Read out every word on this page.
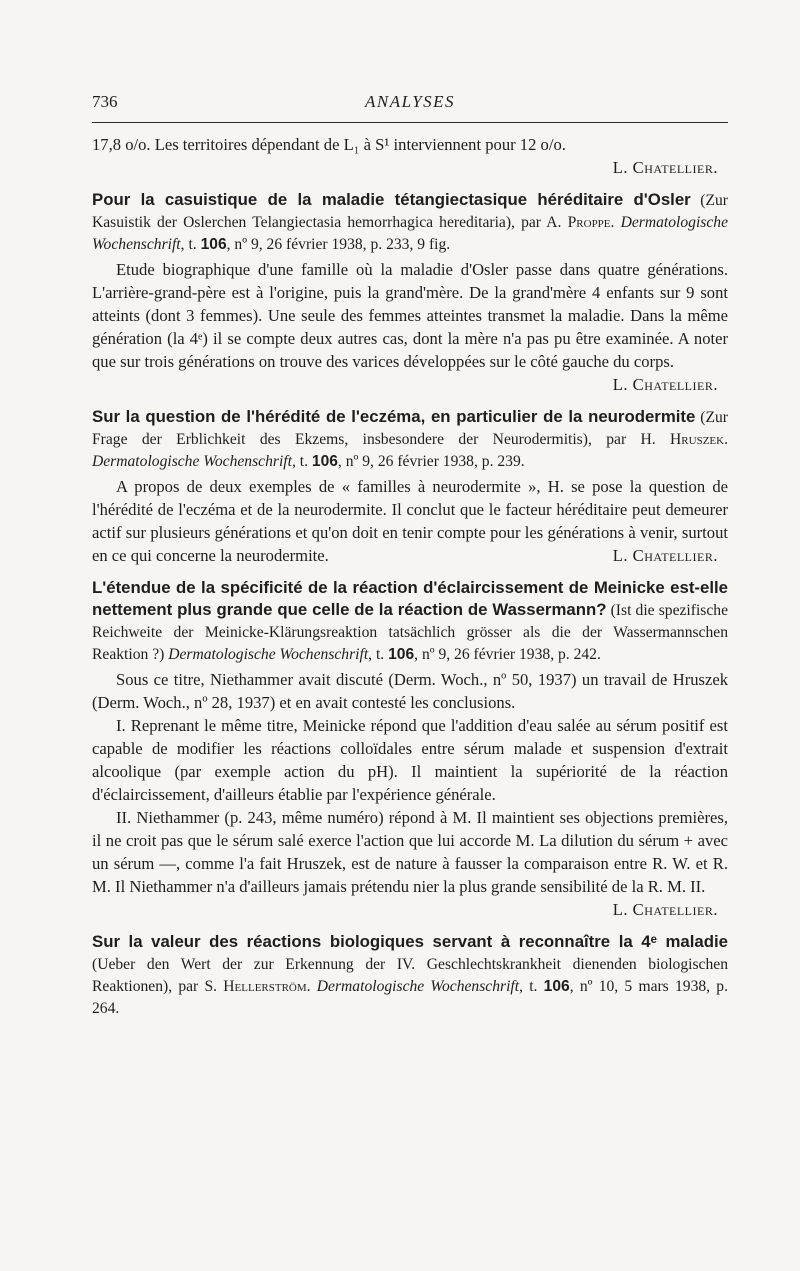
736	ANALYSES

17,8 o/o. Les territoires dépendant de L₁ à S¹ interviennent pour 12 o/o.

L. Chatellier.

Pour la casuistique de la maladie tétangiectasique héréditaire d'Osler (Zur Kasuistik der Oslerchen Telangiectasia hemorrhagica hereditaria), par A. Proppe. Dermatologische Wochenschrift, t. 106, nº 9, 26 février 1938, p. 233, 9 fig.

Etude biographique d'une famille où la maladie d'Osler passe dans quatre générations. L'arrière-grand-père est à l'origine, puis la grand'mère. De la grand'mère 4 enfants sur 9 sont atteints (dont 3 femmes). Une seule des femmes atteintes transmet la maladie. Dans la même génération (la 4ᵉ) il se compte deux autres cas, dont la mère n'a pas pu être examinée. A noter que sur trois générations on trouve des varices développées sur le côté gauche du corps.
L. Chatellier.

Sur la question de l'hérédité de l'eczéma, en particulier de la neurodermite (Zur Frage der Erblichkeit des Ekzems, insbesondere der Neurodermitis), par H. Hruszek. Dermatologische Wochenschrift, t. 106, nº 9, 26 février 1938, p. 239.

A propos de deux exemples de « familles à neurodermite », H. se pose la question de l'hérédité de l'eczéma et de la neurodermite. Il conclut que le facteur héréditaire peut demeurer actif sur plusieurs générations et qu'on doit en tenir compte pour les générations à venir, surtout en ce qui concerne la neurodermite.	L. Chatellier.

L'étendue de la spécificité de la réaction d'éclaircissement de Meinicke est-elle nettement plus grande que celle de la réaction de Wassermann? (Ist die spezifische Reichweite der Meinicke-Klärungsreaktion tatsächlich grösser als die der Wassermannschen Reaktion ?) Dermatologische Wochenschrift, t. 106, nº 9, 26 février 1938, p. 242.

Sous ce titre, Niethammer avait discuté (Derm. Woch., nº 50, 1937) un travail de Hruszek (Derm. Woch., nº 28, 1937) et en avait contesté les conclusions.

I. Reprenant le même titre, Meinicke répond que l'addition d'eau salée au sérum positif est capable de modifier les réactions colloïdales entre sérum malade et suspension d'extrait alcoolique (par exemple action du pH). Il maintient la supériorité de la réaction d'éclaircissement, d'ailleurs établie par l'expérience générale.

II. Niethammer (p. 243, même numéro) répond à M. Il maintient ses objections premières, il ne croit pas que le sérum salé exerce l'action que lui accorde M. La dilution du sérum + avec un sérum —, comme l'a fait Hruszek, est de nature à fausser la comparaison entre R. W. et R. M. Il Niethammer n'a d'ailleurs jamais prétendu nier la plus grande sensibilité de la R. M. II.
L. Chatellier.

Sur la valeur des réactions biologiques servant à reconnaître la 4ᵉ maladie (Ueber den Wert der zur Erkennung der IV. Geschlechtskrankheit dienenden biologischen Reaktionen), par S. Hellerström. Dermatologische Wochenschrift, t. 106, nº 10, 5 mars 1938, p. 264.
